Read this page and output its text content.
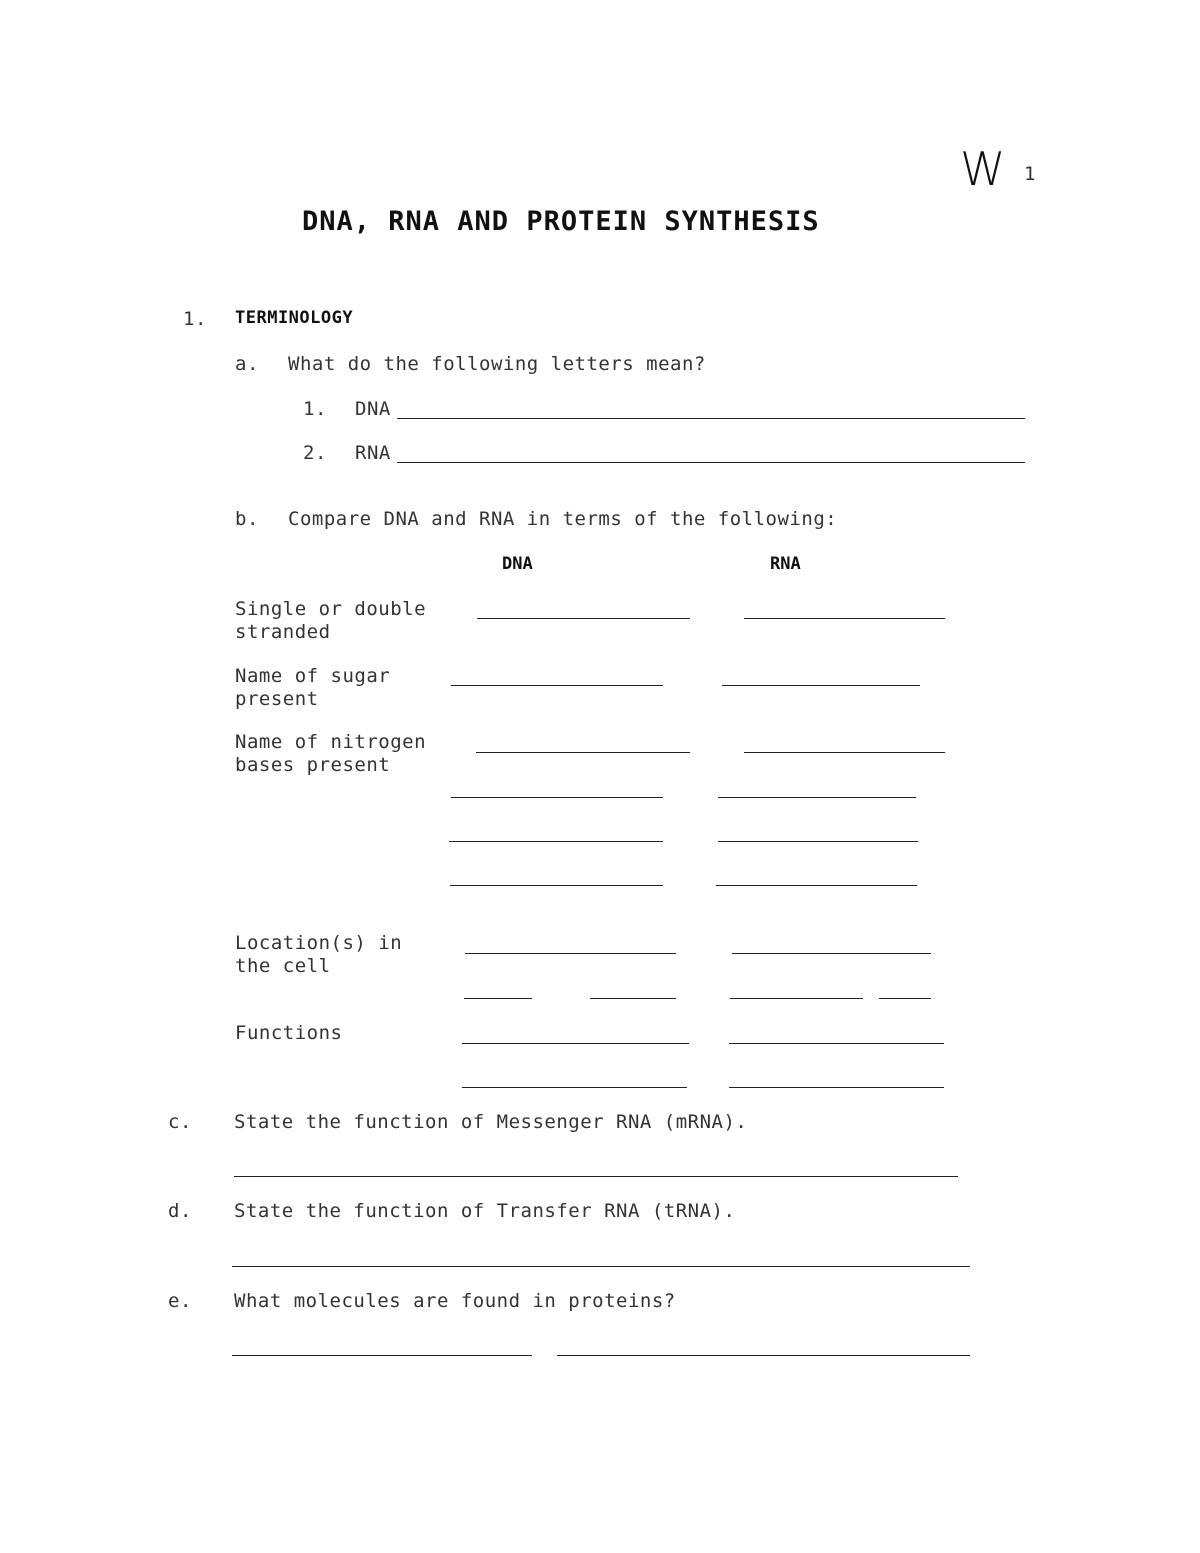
W 1
DNA, RNA AND PROTEIN SYNTHESIS
1. TERMINOLOGY
a. What do the following letters mean?
1. DNA
2. RNA
b. Compare DNA and RNA in terms of the following:
DNA	RNA
Single or double
stranded
Name of sugar
present
Name of nitrogen
bases present
Location(s) in
the cell
Functions
c. State the function of Messenger RNA (mRNA).
d. State the function of Transfer RNA (tRNA).
e. What molecules are found in proteins?
